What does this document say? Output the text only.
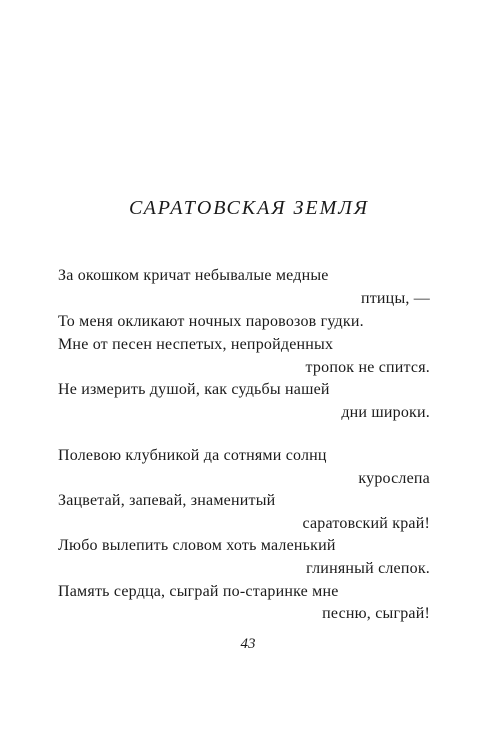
САРАТОВСКАЯ ЗЕМЛЯ
За окошком кричат небывалые медные
птицы, —
То меня окликают ночных паровозов гудки.
Мне от песен неспетых, непройденных
тропок не спится.
Не измерить душой, как судьбы нашей
дни широки.
Полевою клубникой да сотнями солнц
курослепа
Зацветай, запевай, знаменитый
саратовский край!
Любо вылепить словом хоть маленький
глиняный слепок.
Память сердца, сыграй по-старинке мне
песню, сыграй!
43
